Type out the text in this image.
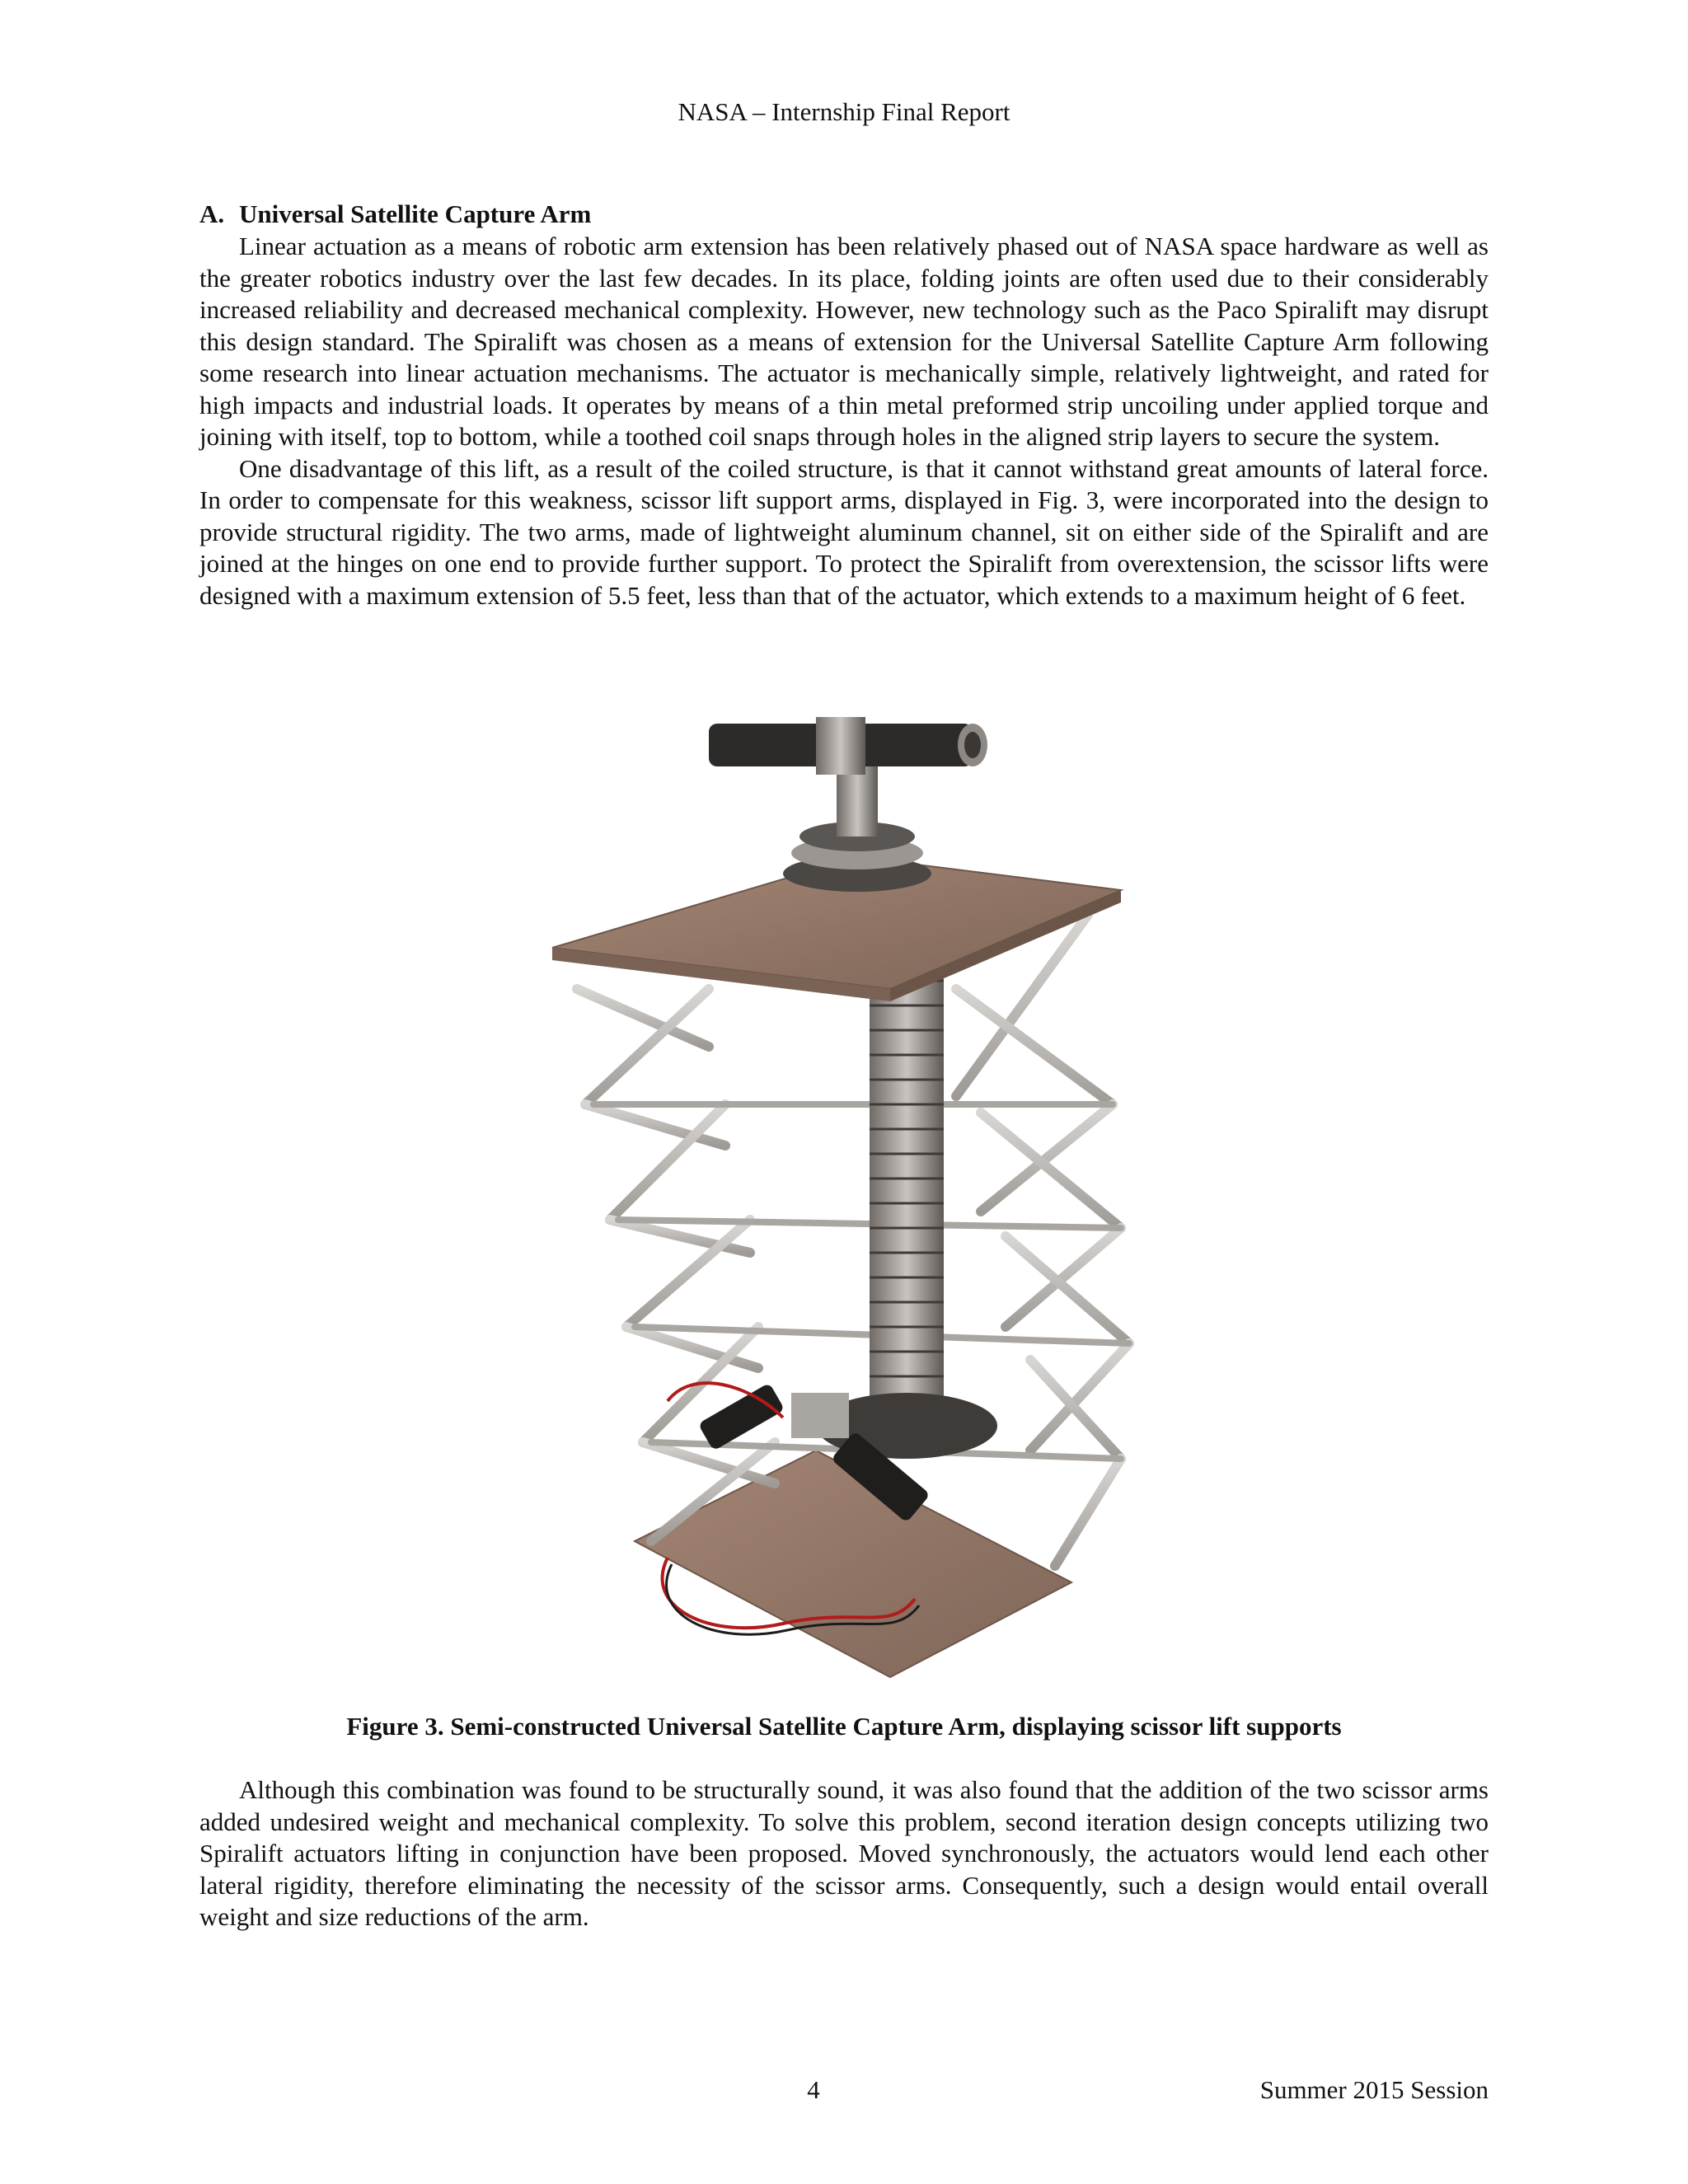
NASA – Internship Final Report
A. Universal Satellite Capture Arm

Linear actuation as a means of robotic arm extension has been relatively phased out of NASA space hardware as well as the greater robotics industry over the last few decades. In its place, folding joints are often used due to their considerably increased reliability and decreased mechanical complexity. However, new technology such as the Paco Spiralift may disrupt this design standard. The Spiralift was chosen as a means of extension for the Universal Satellite Capture Arm following some research into linear actuation mechanisms. The actuator is mechanically simple, relatively lightweight, and rated for high impacts and industrial loads. It operates by means of a thin metal preformed strip uncoiling under applied torque and joining with itself, top to bottom, while a toothed coil snaps through holes in the aligned strip layers to secure the system.

One disadvantage of this lift, as a result of the coiled structure, is that it cannot withstand great amounts of lateral force. In order to compensate for this weakness, scissor lift support arms, displayed in Fig. 3, were incorporated into the design to provide structural rigidity. The two arms, made of lightweight aluminum channel, sit on either side of the Spiralift and are joined at the hinges on one end to provide further support. To protect the Spiralift from overextension, the scissor lifts were designed with a maximum extension of 5.5 feet, less than that of the actuator, which extends to a maximum height of 6 feet.

Figure 3. Semi-constructed Universal Satellite Capture Arm, displaying scissor lift supports

Although this combination was found to be structurally sound, it was also found that the addition of the two scissor arms added undesired weight and mechanical complexity. To solve this problem, second iteration design concepts utilizing two Spiralift actuators lifting in conjunction have been proposed. Moved synchronously, the actuators would lend each other lateral rigidity, therefore eliminating the necessity of the scissor arms. Consequently, such a design would entail overall weight and size reductions of the arm.

4	Summer 2015 Session
